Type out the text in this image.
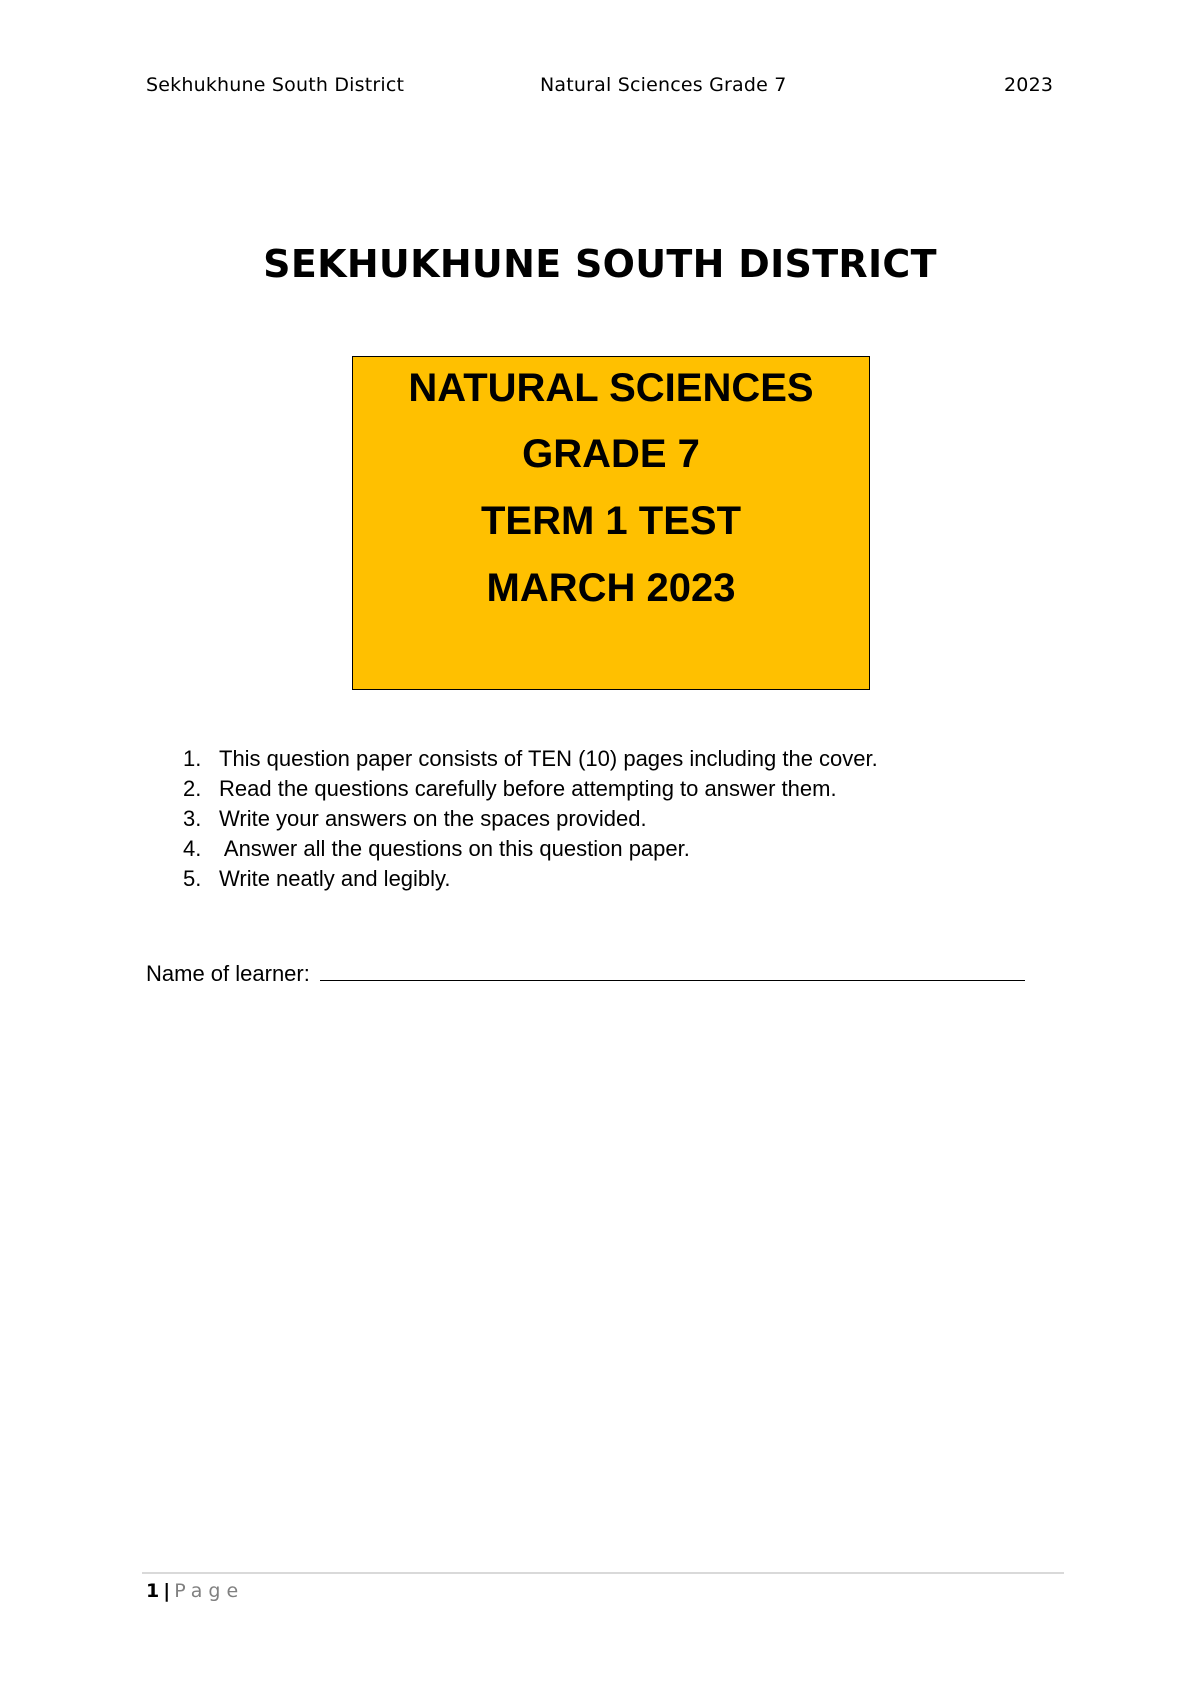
Sekhukhune South District	Natural Sciences Grade 7	2023
SEKHUKHUNE SOUTH DISTRICT
NATURAL SCIENCES
GRADE 7
TERM 1 TEST
MARCH 2023
1. This question paper consists of TEN (10) pages including the cover.
2. Read the questions carefully before attempting to answer them.
3. Write your answers on the spaces provided.
4. Answer all the questions on this question paper.
5. Write neatly and legibly.
Name of learner:
1 | Page
